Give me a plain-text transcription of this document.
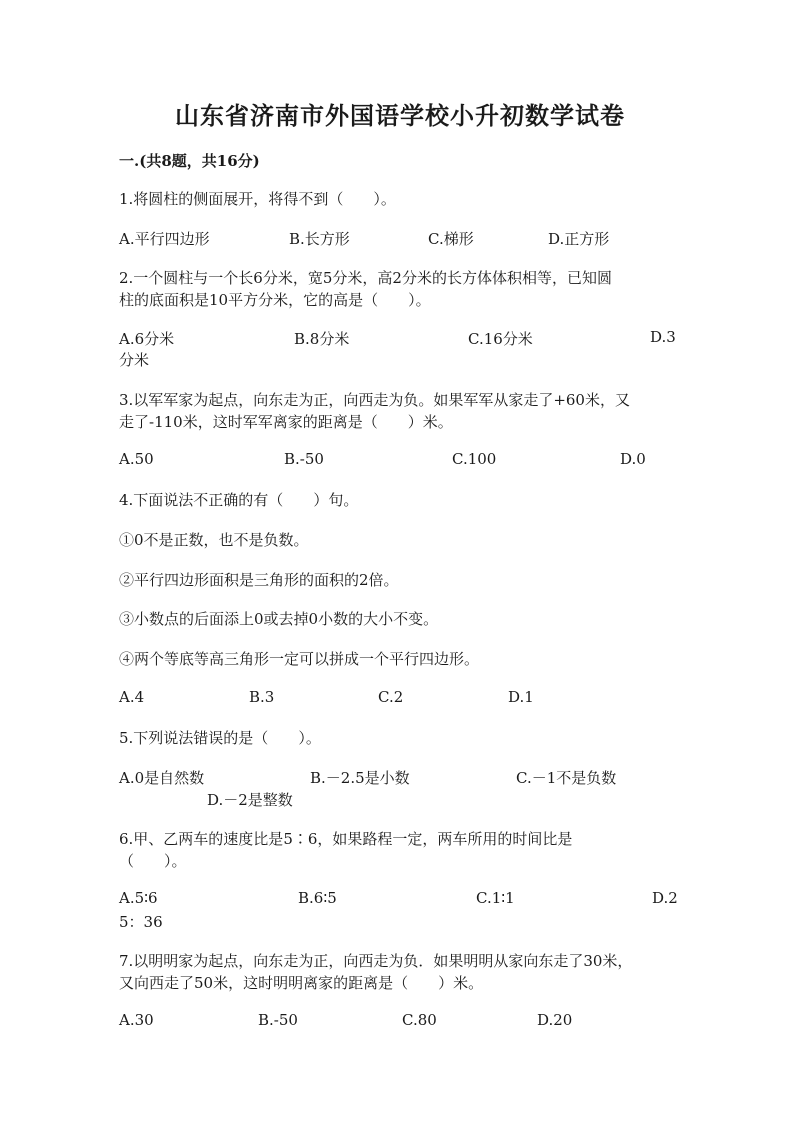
山东省济南市外国语学校小升初数学试卷
一.(共8题，共16分)
1.将圆柱的侧面展开，将得不到（　　）。
A.平行四边形	B.长方形	C.梯形	D.正方形
2.一个圆柱与一个长6分米，宽5分米，高2分米的长方体体积相等，已知圆
柱的底面积是10平方分米，它的高是（　　）。
A.6分米	B.8分米	C.16分米	D.3
分米
3.以军军家为起点，向东走为正，向西走为负。如果军军从家走了+60米，又
走了-110米，这时军军离家的距离是（　　）米。
A.50	B.-50	C.100	D.0
4.下面说法不正确的有（　　）句。
①0不是正数，也不是负数。
②平行四边形面积是三角形的面积的2倍。
③小数点的后面添上0或去掉0小数的大小不变。
④两个等底等高三角形一定可以拼成一个平行四边形。
A.4	B.3	C.2	D.1
5.下列说法错误的是（　　）。
A.0是自然数	B.－2.5是小数	C.－1不是负数
D.－2是整数
6.甲、乙两车的速度比是5∶6，如果路程一定，两车所用的时间比是
（　　）。
A.5∶6	B.6∶5	C.1∶1	D.2
5：36
7.以明明家为起点，向东走为正，向西走为负．如果明明从家向东走了30米，
又向西走了50米，这时明明离家的距离是（　　）米。
A.30	B.-50	C.80	D.20
